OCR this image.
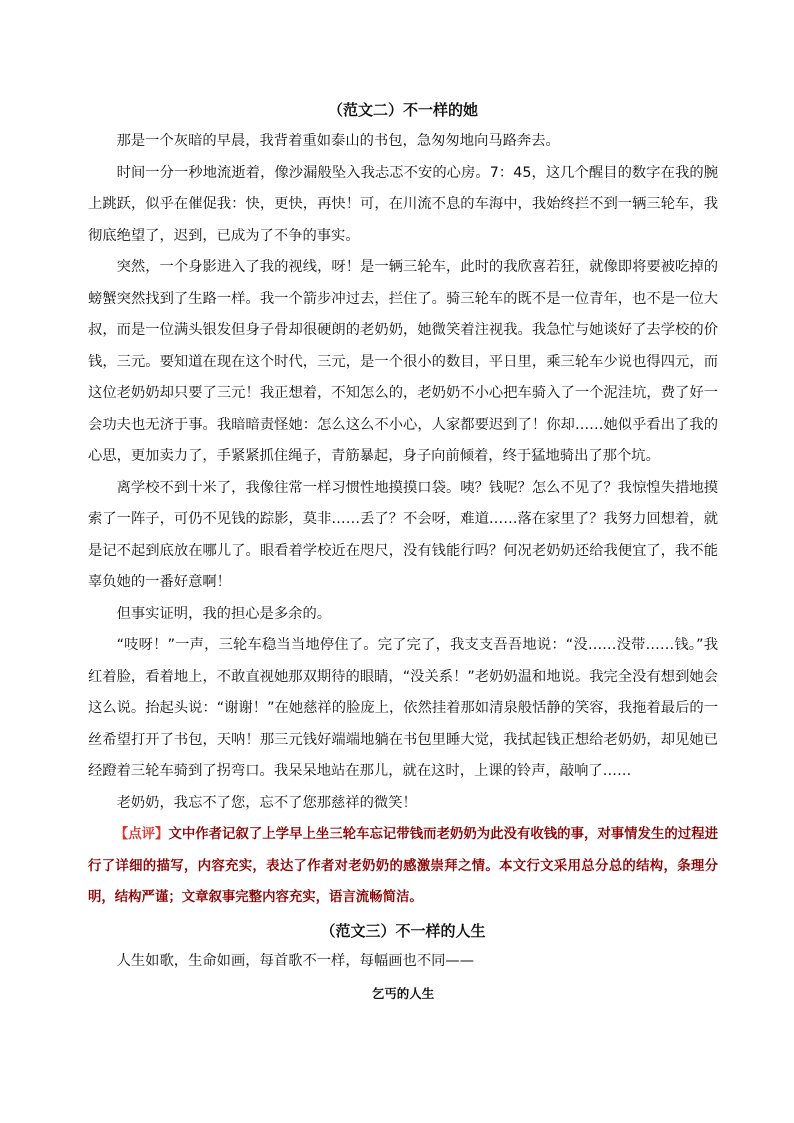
（范文二）不一样的她

那是一个灰暗的早晨，我背着重如泰山的书包，急匆匆地向马路奔去。

时间一分一秒地流逝着，像沙漏般坠入我忐忑不安的心房。7：45，这几个醒目的数字在我的腕上跳跃，似乎在催促我：快，更快，再快！可，在川流不息的车海中，我始终拦不到一辆三轮车，我彻底绝望了，迟到，已成为了不争的事实。

突然，一个身影进入了我的视线，呀！是一辆三轮车，此时的我欣喜若狂，就像即将要被吃掉的螃蟹突然找到了生路一样。我一个箭步冲过去，拦住了。骑三轮车的既不是一位青年，也不是一位大叔，而是一位满头银发但身子骨却很硬朗的老奶奶，她微笑着注视我。我急忙与她谈好了去学校的价钱，三元。要知道在现在这个时代，三元，是一个很小的数目，平日里，乘三轮车少说也得四元，而这位老奶奶却只要了三元！我正想着，不知怎么的，老奶奶不小心把车骑入了一个泥洼坑，费了好一会功夫也无济于事。我暗暗责怪她：怎么这么不小心，人家都要迟到了！你却……她似乎看出了我的心思，更加卖力了，手紧紧抓住绳子，青筋暴起，身子向前倾着，终于猛地骑出了那个坑。

离学校不到十米了，我像往常一样习惯性地摸摸口袋。咦？钱呢？怎么不见了？我惊惶失措地摸索了一阵子，可仍不见钱的踪影，莫非……丢了？不会呀，难道……落在家里了？我努力回想着，就是记不起到底放在哪儿了。眼看着学校近在咫尺，没有钱能行吗？何况老奶奶还给我便宜了，我不能辜负她的一番好意啊！

但事实证明，我的担心是多余的。

“吱呀！”一声，三轮车稳当当地停住了。完了完了，我支支吾吾地说：“没……没带……钱。”我红着脸，看着地上，不敢直视她那双期待的眼睛，“没关系！”老奶奶温和地说。我完全没有想到她会这么说。抬起头说：“谢谢！”在她慈祥的脸庞上，依然挂着那如清泉般恬静的笑容，我拖着最后的一丝希望打开了书包，天呐！那三元钱好端端地躺在书包里睡大觉，我拭起钱正想给老奶奶，却见她已经蹬着三轮车骑到了拐弯口。我呆呆地站在那儿，就在这时，上课的铃声，敲响了……

老奶奶，我忘不了您，忘不了您那慈祥的微笑！

【点评】文中作者记叙了上学早上坐三轮车忘记带钱而老奶奶为此没有收钱的事，对事情发生的过程进行了详细的描写，内容充实，表达了作者对老奶奶的感激崇拜之情。本文行文采用总分总的结构，条理分明，结构严谨；文章叙事完整内容充实，语言流畅简洁。

（范文三）不一样的人生

人生如歌，生命如画，每首歌不一样，每幅画也不同——

乞丐的人生
